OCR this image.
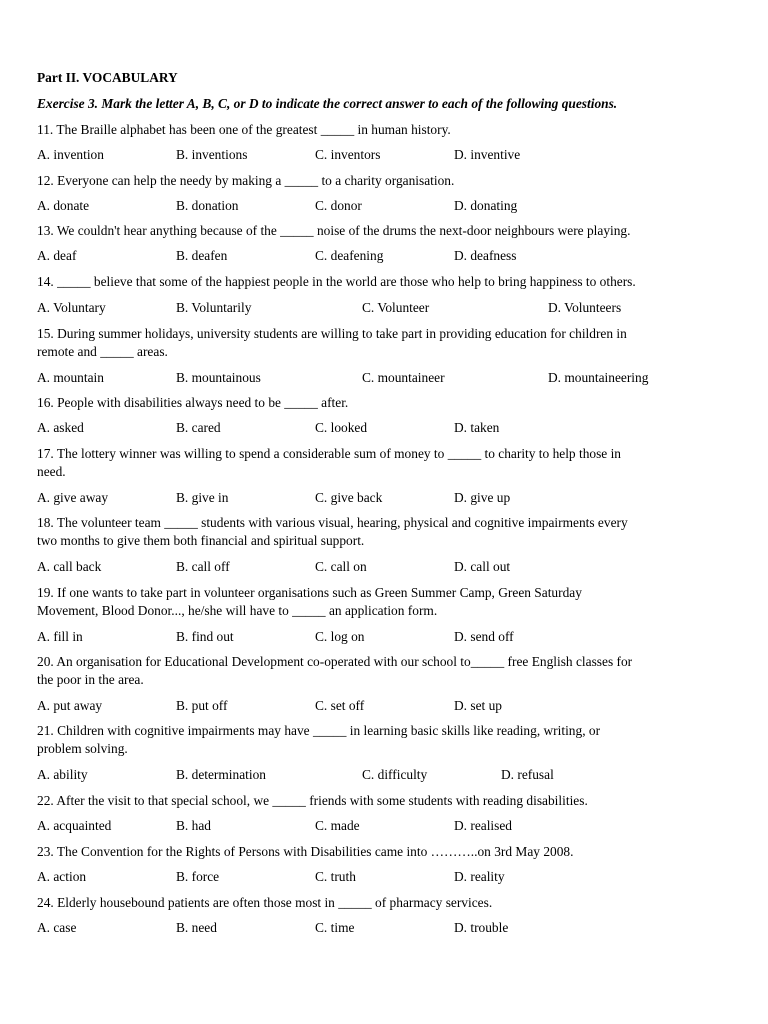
Part II. VOCABULARY
Exercise 3. Mark the letter A, B, C, or D to indicate the correct answer to each of the following questions.
11. The Braille alphabet has been one of the greatest _____ in human history.
A. invention	B. inventions	C. inventors	D. inventive
12. Everyone can help the needy by making a _____ to a charity organisation.
A. donate	B. donation	C. donor	D. donating
13. We couldn't hear anything because of the _____ noise of the drums the next-door neighbours were playing.
A. deaf	B. deafen	C. deafening	D. deafness
14. _____ believe that some of the happiest people in the world are those who help to bring happiness to others.
A. Voluntary	B. Voluntarily	C. Volunteer	D. Volunteers
15. During summer holidays, university students are willing to take part in providing education for children in
remote and _____ areas.
A. mountain	B. mountainous	C. mountaineer	D. mountaineering
16. People with disabilities always need to be _____ after.
A. asked	B. cared	C. looked	D. taken
17. The lottery winner was willing to spend a considerable sum of money to _____ to charity to help those in
need.
A. give away	B. give in	C. give back	D. give up
18. The volunteer team _____ students with various visual, hearing, physical and cognitive impairments every
two months to give them both financial and spiritual support.
A. call back	B. call off	C. call on	D. call out
19. If one wants to take part in volunteer organisations such as Green Summer Camp, Green Saturday
Movement, Blood Donor..., he/she will have to _____ an application form.
A. fill in	B. find out	C. log on	D. send off
20. An organisation for Educational Development co-operated with our school to_____ free English classes for
the poor in the area.
A. put away	B. put off	C. set off	D. set up
21. Children with cognitive impairments may have _____ in learning basic skills like reading, writing, or
problem solving.
A. ability	B. determination	C. difficulty	D. refusal
22. After the visit to that special school, we _____ friends with some students with reading disabilities.
A. acquainted	B. had	C. made	D. realised
23. The Convention for the Rights of Persons with Disabilities came into ………..on 3rd May 2008.
A. action	B. force	C. truth	D. reality
24. Elderly housebound patients are often those most in _____ of pharmacy services.
A. case	B. need	C. time	D. trouble
